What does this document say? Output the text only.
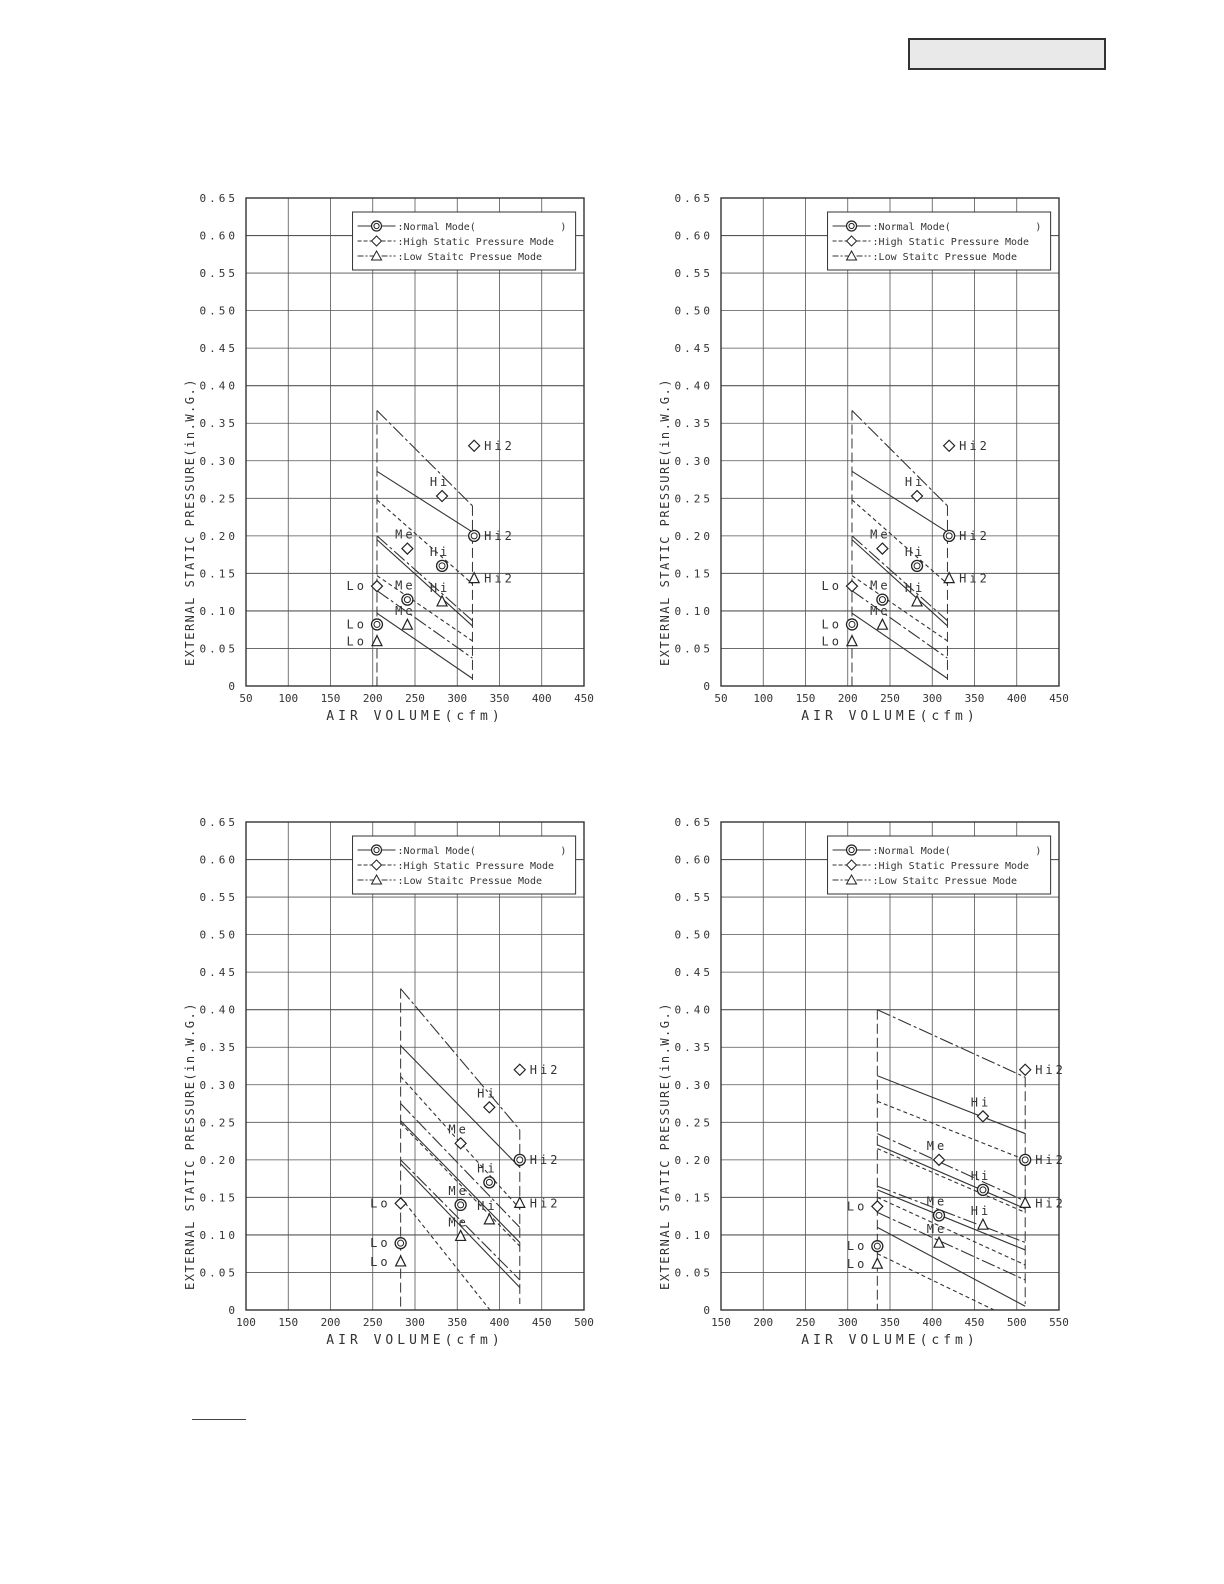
50 100 150 200 250 300 350 400 450
0
0.05
0.10
0.15
0.20
0.25
0.30
0.35
0.40
0.45
0.50
0.55
0.60
0.65
AIR VOLUME(cfm)
EXTERNAL STATIC PRESSURE(in.W.G.)	Hi2
Hi
Me
Lo
Hi2
Hi
Me
Lo
Hi2
Hi
Me
Lo
:Normal Mode(
:High Static Pressure Mode
:Low Staitc Pressue Mode
)
50 100 150 200 250 300 350 400 450
0
0.05
0.10
0.15
0.20
0.25
0.30
0.35
0.40
0.45
0.50
0.55
0.60
0.65
AIR VOLUME(cfm)
EXTERNAL STATIC PRESSURE(in.W.G.)	Hi2
Hi
Me
Lo
Hi2
Hi
Me
Lo
Hi2
Hi
Me
Lo
:Normal Mode(
:High Static Pressure Mode
:Low Staitc Pressue Mode
)
100 150 200 250 300 350 400 450 500
0
0.05
0.10
0.15
0.20
0.25
0.30
0.35
0.40
0.45
0.50
0.55
0.60
0.65
AIR VOLUME(cfm)
EXTERNAL STATIC PRESSURE(in.W.G.)	Hi2
Hi
Me
Lo
Hi2
Hi
Me
Lo
Hi2
Hi
Me
Lo
:Normal Mode(
:High Static Pressure Mode
:Low Staitc Pressue Mode
)
150 200 250 300 350 400 450 500 550
0
0.05
0.10
0.15
0.20
0.25
0.30
0.35
0.40
0.45
0.50
0.55
0.60
0.65
AIR VOLUME(cfm)
EXTERNAL STATIC PRESSURE(in.W.G.)	Hi2
Hi
Me
Lo
Hi2
Hi
Me
Lo
Hi2
Hi
Me
Lo
:Normal Mode(
:High Static Pressure Mode
:Low Staitc Pressue Mode
)
